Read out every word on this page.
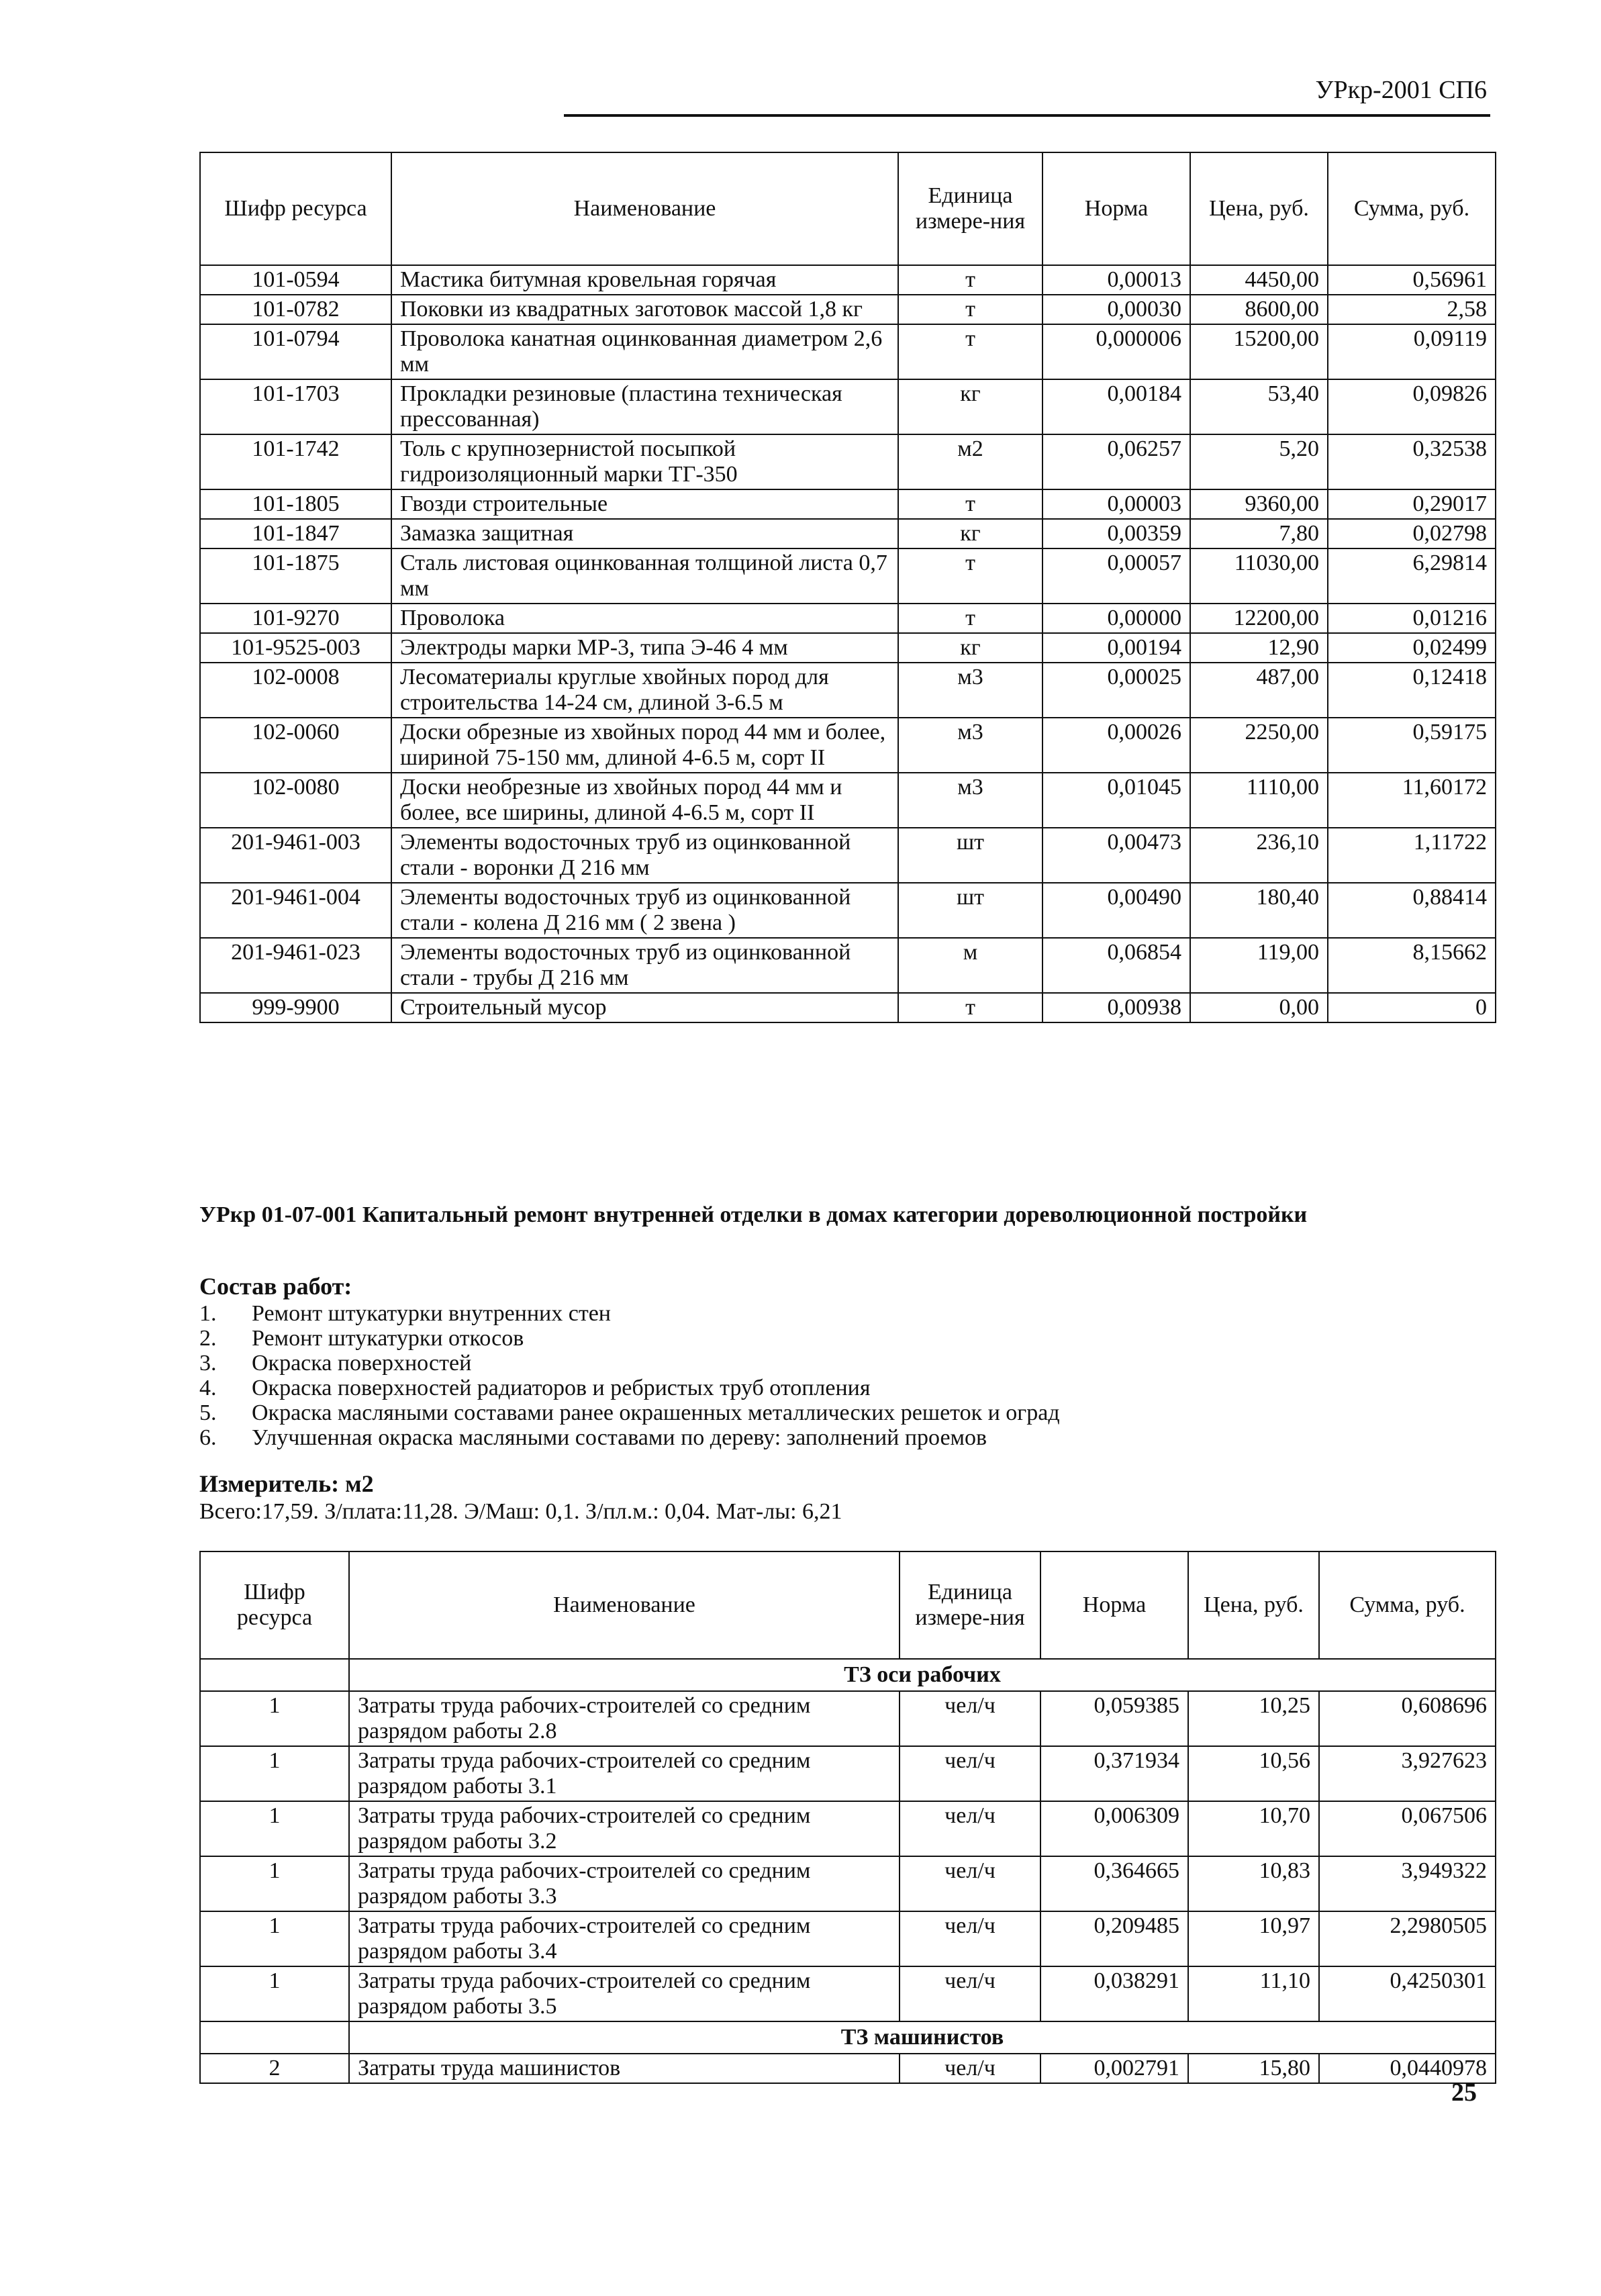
УРкр-2001 СП6
Шифр ресурса	Наименование	Единица измере-ния	Норма	Цена, руб.	Сумма, руб.
101-0594	Мастика битумная кровельная горячая	т	0,00013	4450,00	0,56961
101-0782	Поковки из квадратных заготовок массой 1,8 кг	т	0,00030	8600,00	2,58
101-0794	Проволока канатная оцинкованная диаметром 2,6 мм	т	0,000006	15200,00	0,09119
101-1703	Прокладки резиновые (пластина техническая прессованная)	кг	0,00184	53,40	0,09826
101-1742	Толь с крупнозернистой посыпкой гидроизоляционный марки ТГ-350	м2	0,06257	5,20	0,32538
101-1805	Гвозди строительные	т	0,00003	9360,00	0,29017
101-1847	Замазка защитная	кг	0,00359	7,80	0,02798
101-1875	Сталь листовая оцинкованная толщиной листа 0,7 мм	т	0,00057	11030,00	6,29814
101-9270	Проволока	т	0,00000	12200,00	0,01216
101-9525-003	Электроды марки МР-3, типа Э-46 4 мм	кг	0,00194	12,90	0,02499
102-0008	Лесоматериалы круглые хвойных пород для строительства 14-24 см, длиной 3-6.5 м	м3	0,00025	487,00	0,12418
102-0060	Доски обрезные из хвойных пород 44 мм и более, шириной 75-150 мм, длиной 4-6.5 м, сорт II	м3	0,00026	2250,00	0,59175
102-0080	Доски необрезные из хвойных пород 44 мм и более, все ширины, длиной 4-6.5 м, сорт II	м3	0,01045	1110,00	11,60172
201-9461-003	Элементы водосточных труб из оцинкованной стали - воронки Д 216 мм	шт	0,00473	236,10	1,11722
201-9461-004	Элементы водосточных труб из оцинкованной стали - колена Д 216 мм ( 2 звена )	шт	0,00490	180,40	0,88414
201-9461-023	Элементы водосточных труб из оцинкованной стали - трубы Д 216 мм	м	0,06854	119,00	8,15662
999-9900	Строительный мусор	т	0,00938	0,00	0
УРкр 01-07-001 Капитальный ремонт внутренней отделки в домах категории дореволюционной постройки
Состав работ:
1.	Ремонт штукатурки внутренних стен
2.	Ремонт штукатурки откосов
3.	Окраска поверхностей
4.	Окраска поверхностей радиаторов и ребристых труб отопления
5.	Окраска масляными составами ранее окрашенных металлических решеток и оград
6.	Улучшенная окраска масляными составами по дереву: заполнений проемов
Измеритель: м2
Всего:17,59. З/плата:11,28. Э/Маш: 0,1. З/пл.м.: 0,04. Мат-лы: 6,21
Шифр ресурса	Наименование	Единица измере-ния	Норма	Цена, руб.	Сумма, руб.
	ТЗ оси рабочих				
1	Затраты труда рабочих-строителей со средним разрядом работы 2.8	чел/ч	0,059385	10,25	0,608696
1	Затраты труда рабочих-строителей со средним разрядом работы 3.1	чел/ч	0,371934	10,56	3,927623
1	Затраты труда рабочих-строителей со средним разрядом работы 3.2	чел/ч	0,006309	10,70	0,067506
1	Затраты труда рабочих-строителей со средним разрядом работы 3.3	чел/ч	0,364665	10,83	3,949322
1	Затраты труда рабочих-строителей со средним разрядом работы 3.4	чел/ч	0,209485	10,97	2,2980505
1	Затраты труда рабочих-строителей со средним разрядом работы 3.5	чел/ч	0,038291	11,10	0,4250301
	ТЗ машинистов				
2	Затраты труда машинистов	чел/ч	0,002791	15,80	0,0440978
25
